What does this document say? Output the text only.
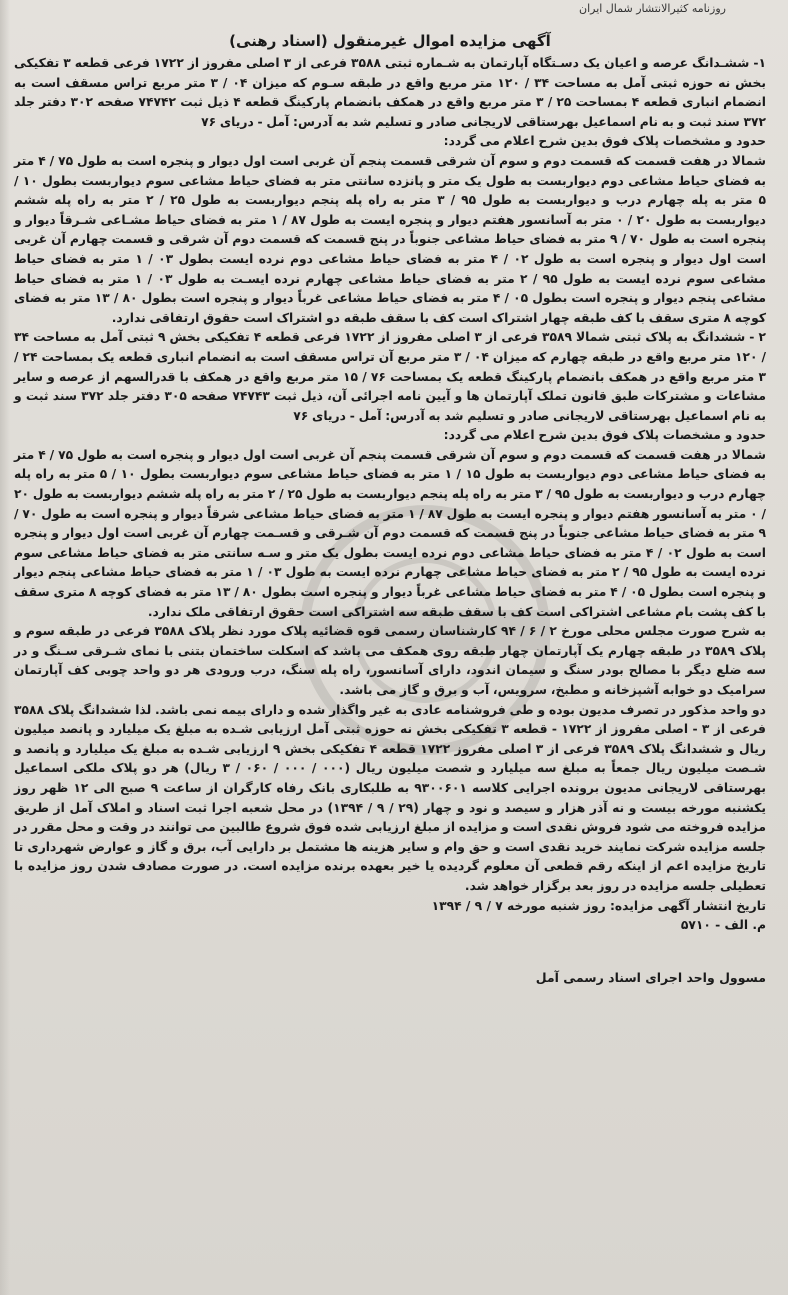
روزنامه کثیرالانتشار شمال ایران
آگهی مزایده اموال غیرمنقول (اسناد رهنی)

۱- ششـدانگ عرصه و اعیان یک دسـتگاه آپارتمان به شـماره ثبتی ۳۵۸۸ فرعی از ۳ اصلی مفروز از ۱۷۲۲ فرعی قطعه ۳ تفکیکی بخش نه حوزه ثبتی آمل به مساحت ۳۴ / ۱۲۰ متر مربع واقع در طبقه سـوم که میزان ۰۴ / ۳ متر مربع تراس مسقف است به انضمام انباری قطعه ۴ بمساحت ۲۵ / ۳ متر مربع واقع در همکف بانضمام پارکینگ قطعه ۴ ذیل ثبت ۷۴۷۴۲ صفحه ۳۰۲ دفتر جلد ۳۷۲ سند ثبت و به نام اسماعیل بهرستاقی لاریجانی صادر و تسلیم شد به آدرس: آمل - دریای ۷۶

حدود و مشخصات پلاک فوق بدین شرح اعلام می گردد:

شمالا در هفت قسمت که قسمت دوم و سوم آن شرقی قسمت پنجم آن غربی است اول دیوار و پنجره است به طول ۷۵ / ۴ متر به فضای حیاط مشاعی دوم دیواربست به طول یک متر و پانزده سانتی متر به فضای حیاط مشاعی سوم دیواربست بطول ۱۰ / ۵ متر به پله چهارم درب و دیواربست به طول ۹۵ / ۳ متر به راه پله پنجم دیواربست به طول ۲۵ / ۲ متر به راه پله ششم دیواربست به طول ۲۰ / ۰ متر به آسانسور هفتم دیوار و پنجره ایست به طول ۸۷ / ۱ متر به فضای حیاط مشـاعی شـرقاً دیوار و پنجره است به طول ۷۰ / ۹ متر به فضای حیاط مشاعی جنوباً در پنج قسمت که قسمت دوم آن شرقی و قسمت چهارم آن غربی است اول دیوار و پنجره است به طول ۰۲ / ۴ متر به فضای حیاط مشاعی دوم نرده ایست بطول ۰۳ / ۱ متر به فضای حیاط مشاعی سوم نرده ایست به طول ۹۵ / ۲ متر به فضای حیاط مشاعی چهارم نرده ایسـت به طول ۰۳ / ۱ متر به فضای حیاط مشاعی پنجم دیوار و پنجره است بطول ۰۵ / ۴ متر به فضای حیاط مشاعی غرباً دیوار و پنجره است بطول ۸۰ / ۱۳ متر به فضای کوچه ۸ متری سقف با کف طبقه چهار اشتراک است کف با سقف طبقه دو اشتراک است حقوق ارتفاقی ندارد.

۲ - ششدانگ به پلاک ثبتی شمالا ۳۵۸۹ فرعی از ۳ اصلی مفروز از ۱۷۲۲ فرعی قطعه ۴ تفکیکی بخش ۹ ثبتی آمل به مساحت ۳۴ / ۱۲۰ متر مربع واقع در طبقه چهارم که میزان ۰۴ / ۳ متر مربع آن تراس مسقف است به انضمام انباری قطعه یک بمساحت ۲۴ / ۳ متر مربع واقع در همکف بانضمام پارکینگ قطعه یک بمساحت ۷۶ / ۱۵ متر مربع واقع در همکف با قدرالسهم از عرصه و سایر مشاعات و مشترکات طبق قانون تملک آپارتمان ها و آیین نامه اجرائی آن، ذیل ثبت ۷۴۷۴۳ صفحه ۳۰۵ دفتر جلد ۳۷۲ سند ثبت و به نام اسماعیل بهرستاقی لاریجانی صادر و تسلیم شد به آدرس: آمل - دریای ۷۶

حدود و مشخصات پلاک فوق بدین شرح اعلام می گردد:

شمالا در هفت قسمت که قسمت دوم و سوم آن شرقی قسمت پنجم آن غربی است اول دیوار و پنجره است به طول ۷۵ / ۴ متر به فضای حیاط مشاعی دوم دیواربست به طول ۱۵ / ۱ متر به فضای حیاط مشاعی سوم دیواربست بطول ۱۰ / ۵ متر به راه پله چهارم درب و دیواربست به طول ۹۵ / ۳ متر به راه پله پنجم دیواربست به طول ۲۵ / ۲ متر به راه پله ششم دیواربست به طول ۲۰ / ۰ متر به آسانسور هفتم دیوار و پنجره ایست به طول ۸۷ / ۱ متر به فضای حیاط مشاعی شرقاً دیوار و پنجره است به طول ۷۰ / ۹ متر به فضای حیاط مشاعی جنوباً در پنج قسمت که قسمت دوم آن شـرقی و قسـمت چهارم آن غربی است اول دیوار و پنجره است به طول ۰۲ / ۴ متر به فضای حیاط مشاعی دوم نرده ایست بطول یک متر و سـه سانتی متر به فضای حیاط مشاعی سوم نرده ایست به طول ۹۵ / ۲ متر به فضای حیاط مشاعی چهارم نرده ایست به طول ۰۳ / ۱ متر به فضای حیاط مشاعی پنجم دیوار و پنجره است بطول ۰۵ / ۴ متر به فضای حیاط مشاعی غرباً دیوار و پنجره است بطول ۸۰ / ۱۳ متر به فضای کوچه ۸ متری سقف با کف پشت بام مشاعی اشتراکی است کف با سقف طبقه سه اشتراکی است حقوق ارتفاقی ملک ندارد.

به شرح صورت مجلس محلی مورخ ۲ / ۶ / ۹۴ کارشناسان رسمی قوه قضائیه پلاک مورد نظر پلاک ۳۵۸۸ فرعی در طبقه سوم و پلاک ۳۵۸۹ در طبقه چهارم یک آپارتمان چهار طبقه روی همکف می باشد که اسکلت ساختمان بتنی با نمای شـرقی سـنگ و در سه ضلع دیگر با مصالح بودر سنگ و سیمان اندود، دارای آسانسور، راه پله سنگ، درب ورودی هر دو واحد چوبی کف آپارتمان سرامیک دو خوابه آشپزخانه و مطبخ، سرویس، آب و برق و گاز می باشد.

دو واحد مذکور در تصرف مدیون بوده و طی فروشنامه عادی به غیر واگذار شده و دارای بیمه نمی باشد. لذا ششدانگ پلاک ۳۵۸۸ فرعی از ۳ - اصلی مفروز از ۱۷۲۲ - قطعه ۳ تفکیکی بخش نه حوزه ثبتی آمل ارزیابی شـده به مبلغ یک میلیارد و پانصد میلیون ریال و ششدانگ پلاک ۳۵۸۹ فرعی از ۳ اصلی مفروز ۱۷۲۲ قطعه ۴ تفکیکی بخش ۹ ارزیابی شـده به مبلغ یک میلیارد و پانصد و شـصت میلیون ریال جمعاً به مبلغ سه میلیارد و شصت میلیون ریال (۰۰۰ / ۰۰۰ / ۰۶۰ / ۳ ریال) هر دو پلاک ملکی اسماعیل بهرستاقی لاریجانی مدیون برونده اجرایی کلاسه ۹۳۰۰۶۰۱ به طلبکاری بانک رفاه کارگران از ساعت ۹ صبح الی ۱۲ ظهر روز یکشنبه مورخه بیست و نه آذر هزار و سیصد و نود و چهار (۲۹ / ۹ / ۱۳۹۴) در محل شعبه اجرا ثبت اسناد و املاک آمل از طریق مزایده فروخته می شود فروش نقدی است و مزایده از مبلغ ارزیابی شده فوق شروع طالبین می توانند در وقت و محل مقرر در جلسه مزایده شرکت نمایند خرید نقدی است و حق وام و سایر هزینه ها مشتمل بر دارایی آب، برق و گاز و عوارض شهرداری تا تاریخ مزایده اعم از اینکه رقم قطعی آن معلوم گردیده یا خیر بعهده برنده مزایده است. در صورت مصادف شدن روز مزایده با تعطیلی جلسه مزایده در روز بعد برگزار خواهد شد.

تاریخ انتشار آگهی مزایده: روز شنبه مورخه ۷ / ۹ / ۱۳۹۴
م. الف - ۵۷۱۰
مسوول واحد اجرای اسناد رسمی آمل
